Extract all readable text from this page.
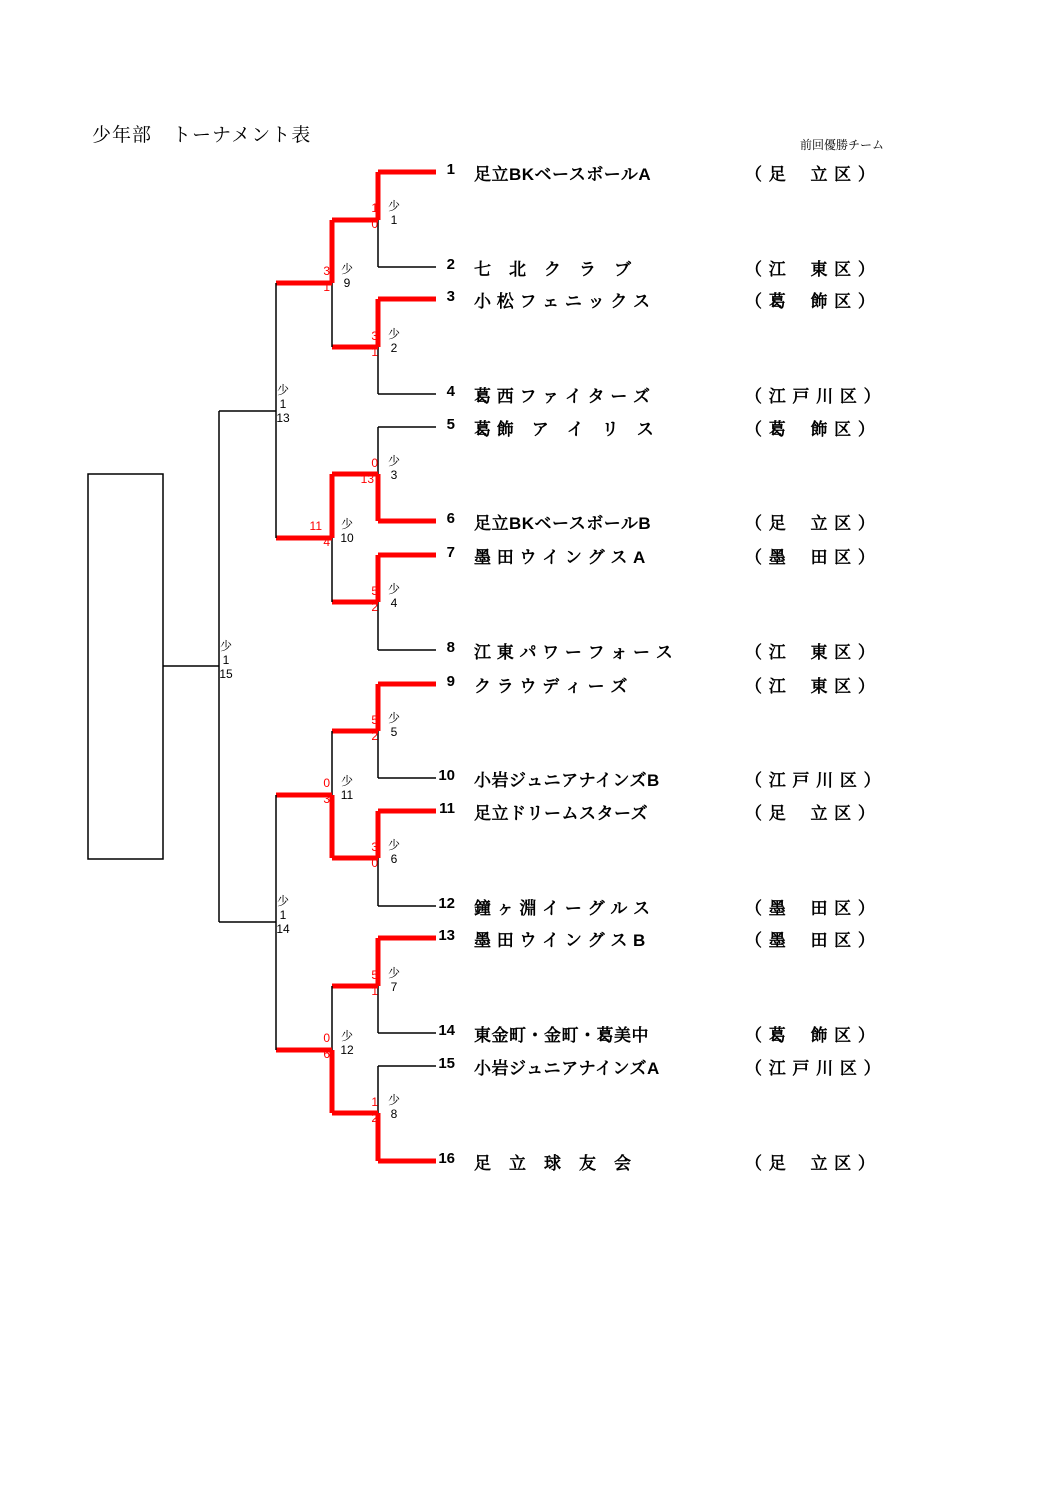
少年部　トーナメント表	前回優勝チーム
1 足立BKベースボールA	（ 足　 立 区 ）
2 七　北　ク　ラ　ブ	（ 江　 東 区 ）
3 小 松 フ ェ ニ ッ ク ス	（ 葛　 飾 区 ）
4 葛 西 フ ァ イ タ ー ズ	（ 江 戸 川 区 ）
5 葛 飾　ア　イ　リ　ス	（ 葛　 飾 区 ）
6 足立BKベースボールB	（ 足　 立 区 ）
7 墨 田 ウ イ ン グ ス A	（ 墨　 田 区 ）
8 江 東 パ ワ ー フ ォ ー ス	（ 江　 東 区 ）
9 ク ラ ウ デ ィ ー ズ	（ 江　 東 区 ）
10 小岩ジュニアナインズB	（ 江 戸 川 区 ）
11 足立ドリームスターズ	（ 足　 立 区 ）
12 鐘 ヶ 淵 イ ー グ ル ス	（ 墨　 田 区 ）
13 墨 田 ウ イ ン グ ス B	（ 墨　 田 区 ）
14 東金町・金町・葛美中	（ 葛　 飾 区 ）
15 小岩ジュニアナインズA	（ 江 戸 川 区 ）
16 足　立　球　友　会	（ 足　 立 区 ）
少
1
1
0
少
2
3
1
少
3
0
13
少
4
5
2
少
5
5
2
少
6
3
0
少
7
5
1
少
8
1
2
少
9
3
1
少
10
11
4
少
11
0
3
少
12
0
6
少
1
13
少
1
14
少
1
15
